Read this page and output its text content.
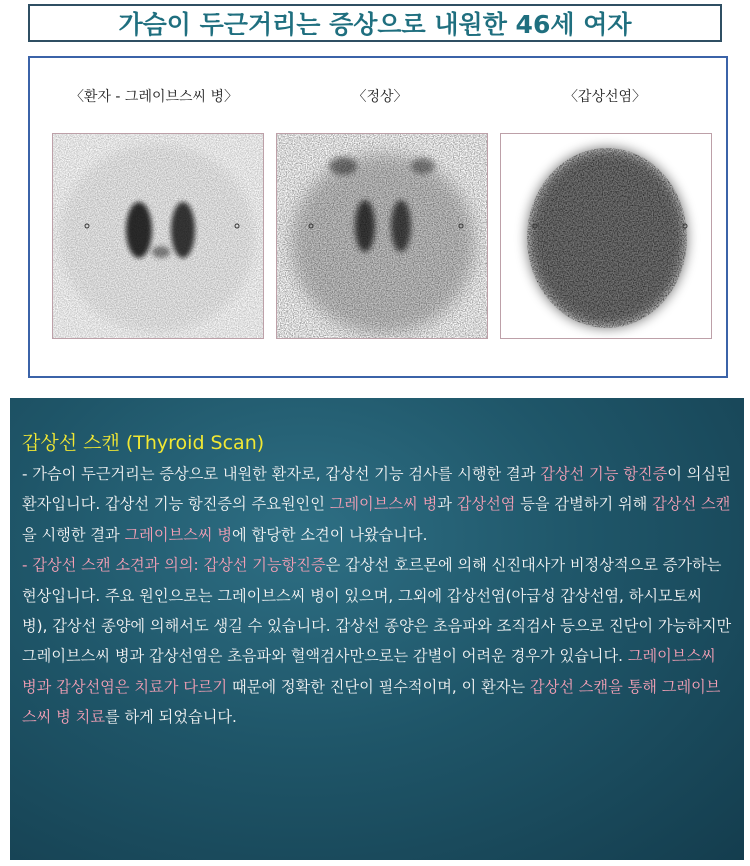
가슴이 두근거리는 증상으로 내원한 46세 여자
〈환자 - 그레이브스씨 병〉	〈정상〉	〈갑상선염〉
갑상선 스캔 (Thyroid Scan)

- 가슴이 두근거리는 증상으로 내원한 환자로, 갑상선 기능 검사를 시행한 결과 갑상선 기능 항진증이 의심된 환자입니다. 갑상선 기능 항진증의 주요원인인 그레이브스씨 병과 갑상선염 등을 감별하기 위해 갑상선 스캔을 시행한 결과 그레이브스씨 병에 합당한 소견이 나왔습니다.

- 갑상선 스캔 소견과 의의: 갑상선 기능항진증은 갑상선 호르몬에 의해 신진대사가 비정상적으로 증가하는 현상입니다. 주요 원인으로는 그레이브스씨 병이 있으며, 그외에 갑상선염(아급성 갑상선염, 하시모토씨 병), 갑상선 종양에 의해서도 생길 수 있습니다. 갑상선 종양은 초음파와 조직검사 등으로 진단이 가능하지만 그레이브스씨 병과 갑상선염은 초음파와 혈액검사만으로는 감별이 어려운 경우가 있습니다. 그레이브스씨 병과 갑상선염은 치료가 다르기 때문에 정확한 진단이 필수적이며, 이 환자는 갑상선 스캔을 통해 그레이브스씨 병 치료를 하게 되었습니다.
